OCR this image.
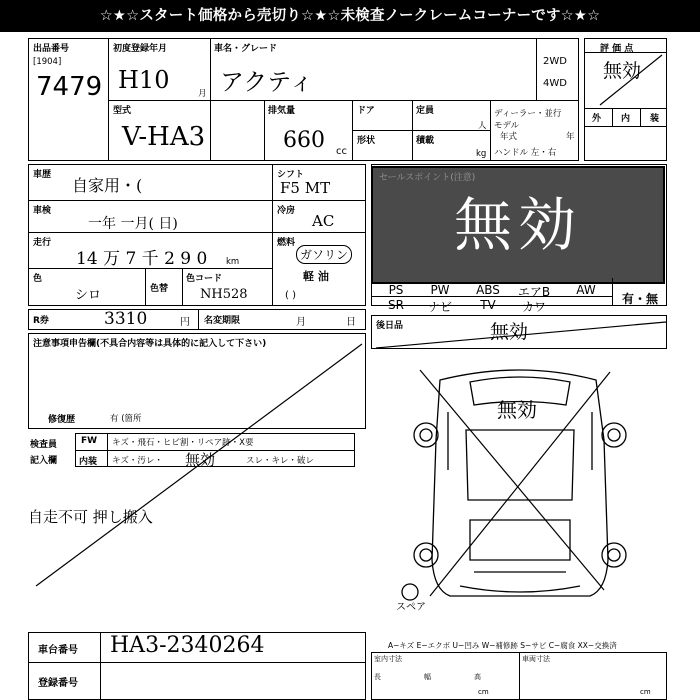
☆★☆スタート価格から売切り☆★☆未検査ノークレームコーナーです☆★☆
出品番号
[1904]
7479
初度登録年月
H10	月
車名・グレード
アクティ
2WD
4WD
型式
V-HA3
排気量
660 cc
ドア	定員
人
形状	積載
kg
ディーラー・並行
モデル
年式	年
ハンドル 左・右
評 価 点
無効
外 内 装
車歴
自家用・(
シフト
F5 MT
車検
一年 一月( 日)
冷房
AC
走行
14 万 7 千 2 9 0 km
燃料
ガソリン
軽 油
( )
色
シロ	色替
色コード
NH528
セールスポイント(注意)
無効
PS	PW	ABS	エアB	AW
SR	ナビ	TV	カワ
有・無
R券	3310	円 名変期限	月	日
注意事項申告欄(不具合内容等は具体的に記入して下さい)
修復歴	有 (箇所
後日品	無効
検査員
記入欄
FW キズ・飛石・ヒビ割・リペア跡・X要
内装 キズ・汚レ・ 無効	スレ・キレ・破レ
自走不可 押し搬入
無効
スペア
A−キズ E−エクボ U−凹み W−補修跡 S−サビ C−腐食 XX−交換済
車台番号 HA3-2340264
登録番号
室内寸法	車両寸法
長	幅	高
cm	cm
